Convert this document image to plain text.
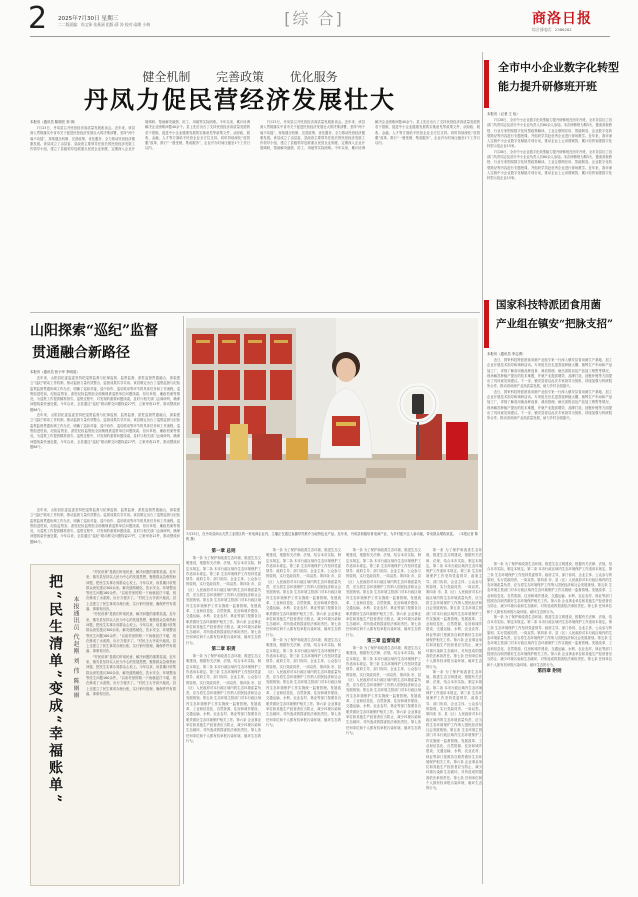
2 2025年7月30日 星期三
二二版面编：尚文锋 张燕丽 组版:薛 涛 校对:高朗 小韩	[综 合]	商洛日报
综合部电话：2386282
健全机制 完善政策 优化服务
丹凤力促民营经济发展壮大
本报讯（通讯员 陈刚亮 刘 琪）

7月23日，丹凤县召开民营经济高质量发展座谈会。近年来，该县深入贯彻落实中省市关于促进民营经济发展壮大的决策部署，坚持“两个毫不动摇”，持续健全机制、完善政策、优化服务，全力推动民营经济健康发展。该县成立了由县委、县政府主要领导任组长的民营经济发展工作领导小组，建立了县级领导包联重点民营企业制度，定期深入企业开展调研，帮助解决融资、用工、用地等实际困难。今年以来，累计协调解决企业困难问题40余个。县上先后出台了支持民营经济高质量发展的若干措施、促进中小企业健康发展的实施意见等政策文件，从财政、税收、金融、人才等方面给予民营企业全方位支持。同时持续深化“放管服”改革，推行“一窗受理、集成服务”，企业开办时间压缩至1个工作日以内。

7月23日，丹凤县召开民营经济高质量发展座谈会。近年来，该县深入贯彻落实中省市关于促进民营经济发展壮大的决策部署，坚持“两个毫不动摇”，持续健全机制、完善政策、优化服务，全力推动民营经济健康发展。该县成立了由县委、县政府主要领导任组长的民营经济发展工作领导小组，建立了县级领导包联重点民营企业制度，定期深入企业开展调研，帮助解决融资、用工、用地等实际困难。今年以来，累计协调解决企业困难问题40余个。县上先后出台了支持民营经济高质量发展的若干措施、促进中小企业健康发展的实施意见等政策文件，从财政、税收、金融、人才等方面给予民营企业全方位支持。同时持续深化“放管服”改革，推行“一窗受理、集成服务”，企业开办时间压缩至1个工作日以内。

全市中小企业数字化转型
能力提升研修班开班
本报讯（记者 王 怡）

7月28日，全市中小企业数字化转型能力提升研修班在西安开班，全市各县区工信部门负责同志及部分中小企业负责人共60余人参加。本次研修班为期5天，邀请高校教授、行业专家围绕数字化转型政策解读、工业互联网应用、智能制造、企业数字化转型路径等内容进行专题授课，并组织学员赴优秀企业进行现场教学。近年来，我市深入实施中小企业数字化赋能专项行动，推动企业上云用数赋智，累计培育省级数字化转型示范企业15家。

7月28日，全市中小企业数字化转型能力提升研修班在西安开班，全市各县区工信部门负责同志及部分中小企业负责人共60余人参加。本次研修班为期5天，邀请高校教授、行业专家围绕数字化转型政策解读、工业互联网应用、智能制造、企业数字化转型路径等内容进行专题授课，并组织学员赴优秀企业进行现场教学。近年来，我市深入实施中小企业数字化赋能专项行动，推动企业上云用数赋智，累计培育省级数字化转型示范企业15家。

山阳探索“巡纪”监督
贯通融合新路径
本报讯（通讯员 张小华 李明清）

近年来，山阳县纪委监委坚持把巡察监督与纪律监督、监察监督、派驻监督贯通融合，探索建立“巡纪”联动工作机制，推动监督力量有效整合、监督成果共享共用。该县制定出台了巡察监督与纪检监察监督贯通协调工作办法，明确了巡前对接、巡中协作、巡后联动等环节的具体任务和工作流程。巡察组进驻前，纪检监察室、派驻纪检监察组全面梳理被巡察单位问题线索、信访举报、廉政档案等情况，为巡察工作提供精准指引。巡察过程中，对发现的重要问题线索，及时与相关部门会商研判，确保问题线索快速处置。今年以来，全县通过“巡纪”联动移交问题线索27件，立案审查12件，推动整改问题86个。

近年来，山阳县纪委监委坚持把巡察监督与纪律监督、监察监督、派驻监督贯通融合，探索建立“巡纪”联动工作机制，推动监督力量有效整合、监督成果共享共用。该县制定出台了巡察监督与纪检监察监督贯通协调工作办法，明确了巡前对接、巡中协作、巡后联动等环节的具体任务和工作流程。巡察组进驻前，纪检监察室、派驻纪检监察组全面梳理被巡察单位问题线索、信访举报、廉政档案等情况，为巡察工作提供精准指引。巡察过程中，对发现的重要问题线索，及时与相关部门会商研判，确保问题线索快速处置。今年以来，全县通过“巡纪”联动移交问题线索27件，立案审查12件，推动整改问题86个。

近年来，山阳县纪委监委坚持把巡察监督与纪律监督、监察监督、派驻监督贯通融合，探索建立“巡纪”联动工作机制，推动监督力量有效整合、监督成果共享共用。该县制定出台了巡察监督与纪检监察监督贯通协调工作办法，明确了巡前对接、巡中协作、巡后联动等环节的具体任务和工作流程。巡察组进驻前，纪检监察室、派驻纪检监察组全面梳理被巡察单位问题线索、信访举报、廉政档案等情况，为巡察工作提供精准指引。巡察过程中，对发现的重要问题线索，及时与相关部门会商研判，确保问题线索快速处置。今年以来，全县通过“巡纪”联动移交问题线索27件，立案审查12件，推动整改问题86个。

7月25日，在丹凤县商山天然工业园区的一家电商企业内，主播正在通过直播带货推介当地特色农产品。近年来，丹凤县积极培育电商产业，为乡村振兴注入新动能，带动群众增收致富。 （本报记者 陈锐 摄）
国家科技特派团食用菌
产业组在镇安“把脉支招”
本报讯（通讯员 李志勇）

近日，国家科技特派团食用菌产业组专家一行深入镇安县食用菌生产基地、加工企业开展技术指导和调研活动。专家组先后走进香菇种植大棚、菌棒生产车间和产品加工厂，详细了解食用菌品种选育、栽培管理、病虫害防治及产品加工销售等情况，现场解答种植户提出的技术难题，并就产业提质增效、品牌打造、延链补链等方面提出了具体意见和建议。下一步，镇安县将以此次专家指导为契机，持续加强与科研院所合作，推动食用菌产业高质量发展，助力乡村全面振兴。

近日，国家科技特派团食用菌产业组专家一行深入镇安县食用菌生产基地、加工企业开展技术指导和调研活动。专家组先后走进香菇种植大棚、菌棒生产车间和产品加工厂，详细了解食用菌品种选育、栽培管理、病虫害防治及产品加工销售等情况，现场解答种植户提出的技术难题，并就产业提质增效、品牌打造、延链补链等方面提出了具体意见和建议。下一步，镇安县将以此次专家指导为契机，持续加强与科研院所合作，推动食用菌产业高质量发展，助力乡村全面振兴。

把“民生清单”变成“幸福账单”	本报通讯员 代赵刚 刘 伟 陈丽丽

“村民说事”是我们听取民意、解决问题的重要渠道。近年来，镇安县坚持以人民为中心的发展思想，聚焦群众急难愁盼问题，把民生实事办到群众心坎上。今年以来，该县累计收集群众意见建议300余条，解决道路硬化、饮水安全、环境整治等民生问题160余件。“以前村里的路一下雨就泥泞不堪，现在修成了水泥路，出行方便多了。”村民王大爷高兴地说。县上还建立了民生事项办理台账，实行销号管理，确保件件有着落、事事有回音。

“村民说事”是我们听取民意、解决问题的重要渠道。近年来，镇安县坚持以人民为中心的发展思想，聚焦群众急难愁盼问题，把民生实事办到群众心坎上。今年以来，该县累计收集群众意见建议300余条，解决道路硬化、饮水安全、环境整治等民生问题160余件。“以前村里的路一下雨就泥泞不堪，现在修成了水泥路，出行方便多了。”村民王大爷高兴地说。县上还建立了民生事项办理台账，实行销号管理，确保件件有着落、事事有回音。

“村民说事”是我们听取民意、解决问题的重要渠道。近年来，镇安县坚持以人民为中心的发展思想，聚焦群众急难愁盼问题，把民生实事办到群众心坎上。今年以来，该县累计收集群众意见建议300余条，解决道路硬化、饮水安全、环境整治等民生问题160余件。“以前村里的路一下雨就泥泞不堪，现在修成了水泥路，出行方便多了。”村民王大爷高兴地说。县上还建立了民生事项办理台账，实行销号管理，确保件件有着落、事事有回音。

第一章 总则

第一条 为了保护和改善生态环境，推进生态文明建设，根据有关法律、法规，结合本市实际，制定本规定。第二条 本市行政区域内生态环境保护工作适用本规定。第三条 生态环境保护工作坚持党委领导、政府主导、部门协同、企业主体、公众参与的原则，实行党政同责、一岗双责。第四条 市、县（区）人民政府对本行政区域内的生态环境质量负责，应当将生态环境保护工作纳入国民经济和社会发展规划。第五条 生态环境主管部门对本行政区域内生态环境保护工作实施统一监督管理。发展改革、工业和信息化、自然资源、住房和城乡建设、交通运输、水利、农业农村、林业等部门按照各自职责做好生态环境保护相关工作。第六条 企业事业单位和其他生产经营者应当防止、减少环境污染和生态破坏，对所造成的损害依法承担责任。第七条 任何单位和个人都有权举报污染环境、破坏生态的行为。

第二章 职责

第一条 为了保护和改善生态环境，推进生态文明建设，根据有关法律、法规，结合本市实际，制定本规定。第二条 本市行政区域内生态环境保护工作适用本规定。第三条 生态环境保护工作坚持党委领导、政府主导、部门协同、企业主体、公众参与的原则，实行党政同责、一岗双责。第四条 市、县（区）人民政府对本行政区域内的生态环境质量负责，应当将生态环境保护工作纳入国民经济和社会发展规划。第五条 生态环境主管部门对本行政区域内生态环境保护工作实施统一监督管理。发展改革、工业和信息化、自然资源、住房和城乡建设、交通运输、水利、农业农村、林业等部门按照各自职责做好生态环境保护相关工作。第六条 企业事业单位和其他生产经营者应当防止、减少环境污染和生态破坏，对所造成的损害依法承担责任。第七条 任何单位和个人都有权举报污染环境、破坏生态的行为。

第一条 为了保护和改善生态环境，推进生态文明建设，根据有关法律、法规，结合本市实际，制定本规定。第二条 本市行政区域内生态环境保护工作适用本规定。第三条 生态环境保护工作坚持党委领导、政府主导、部门协同、企业主体、公众参与的原则，实行党政同责、一岗双责。第四条 市、县（区）人民政府对本行政区域内的生态环境质量负责，应当将生态环境保护工作纳入国民经济和社会发展规划。第五条 生态环境主管部门对本行政区域内生态环境保护工作实施统一监督管理。发展改革、工业和信息化、自然资源、住房和城乡建设、交通运输、水利、农业农村、林业等部门按照各自职责做好生态环境保护相关工作。第六条 企业事业单位和其他生产经营者应当防止、减少环境污染和生态破坏，对所造成的损害依法承担责任。第七条 任何单位和个人都有权举报污染环境、破坏生态的行为。

第一条 为了保护和改善生态环境，推进生态文明建设，根据有关法律、法规，结合本市实际，制定本规定。第二条 本市行政区域内生态环境保护工作适用本规定。第三条 生态环境保护工作坚持党委领导、政府主导、部门协同、企业主体、公众参与的原则，实行党政同责、一岗双责。第四条 市、县（区）人民政府对本行政区域内的生态环境质量负责，应当将生态环境保护工作纳入国民经济和社会发展规划。第五条 生态环境主管部门对本行政区域内生态环境保护工作实施统一监督管理。发展改革、工业和信息化、自然资源、住房和城乡建设、交通运输、水利、农业农村、林业等部门按照各自职责做好生态环境保护相关工作。第六条 企业事业单位和其他生产经营者应当防止、减少环境污染和生态破坏，对所造成的损害依法承担责任。第七条 任何单位和个人都有权举报污染环境、破坏生态的行为。

第一条 为了保护和改善生态环境，推进生态文明建设，根据有关法律、法规，结合本市实际，制定本规定。第二条 本市行政区域内生态环境保护工作适用本规定。第三条 生态环境保护工作坚持党委领导、政府主导、部门协同、企业主体、公众参与的原则，实行党政同责、一岗双责。第四条 市、县（区）人民政府对本行政区域内的生态环境质量负责，应当将生态环境保护工作纳入国民经济和社会发展规划。第五条 生态环境主管部门对本行政区域内生态环境保护工作实施统一监督管理。发展改革、工业和信息化、自然资源、住房和城乡建设、交通运输、水利、农业农村、林业等部门按照各自职责做好生态环境保护相关工作。第六条 企业事业单位和其他生产经营者应当防止、减少环境污染和生态破坏，对所造成的损害依法承担责任。第七条 任何单位和个人都有权举报污染环境、破坏生态的行为。

第三章 监督追责

第一条 为了保护和改善生态环境，推进生态文明建设，根据有关法律、法规，结合本市实际，制定本规定。第二条 本市行政区域内生态环境保护工作适用本规定。第三条 生态环境保护工作坚持党委领导、政府主导、部门协同、企业主体、公众参与的原则，实行党政同责、一岗双责。第四条 市、县（区）人民政府对本行政区域内的生态环境质量负责，应当将生态环境保护工作纳入国民经济和社会发展规划。第五条 生态环境主管部门对本行政区域内生态环境保护工作实施统一监督管理。发展改革、工业和信息化、自然资源、住房和城乡建设、交通运输、水利、农业农村、林业等部门按照各自职责做好生态环境保护相关工作。第六条 企业事业单位和其他生产经营者应当防止、减少环境污染和生态破坏，对所造成的损害依法承担责任。第七条 任何单位和个人都有权举报污染环境、破坏生态的行为。

第一条 为了保护和改善生态环境，推进生态文明建设，根据有关法律、法规，结合本市实际，制定本规定。第二条 本市行政区域内生态环境保护工作适用本规定。第三条 生态环境保护工作坚持党委领导、政府主导、部门协同、企业主体、公众参与的原则，实行党政同责、一岗双责。第四条 市、县（区）人民政府对本行政区域内的生态环境质量负责，应当将生态环境保护工作纳入国民经济和社会发展规划。第五条 生态环境主管部门对本行政区域内生态环境保护工作实施统一监督管理。发展改革、工业和信息化、自然资源、住房和城乡建设、交通运输、水利、农业农村、林业等部门按照各自职责做好生态环境保护相关工作。第六条 企业事业单位和其他生产经营者应当防止、减少环境污染和生态破坏，对所造成的损害依法承担责任。第七条 任何单位和个人都有权举报污染环境、破坏生态的行为。

第一条 为了保护和改善生态环境，推进生态文明建设，根据有关法律、法规，结合本市实际，制定本规定。第二条 本市行政区域内生态环境保护工作适用本规定。第三条 生态环境保护工作坚持党委领导、政府主导、部门协同、企业主体、公众参与的原则，实行党政同责、一岗双责。第四条 市、县（区）人民政府对本行政区域内的生态环境质量负责，应当将生态环境保护工作纳入国民经济和社会发展规划。第五条 生态环境主管部门对本行政区域内生态环境保护工作实施统一监督管理。发展改革、工业和信息化、自然资源、住房和城乡建设、交通运输、水利、农业农村、林业等部门按照各自职责做好生态环境保护相关工作。第六条 企业事业单位和其他生产经营者应当防止、减少环境污染和生态破坏，对所造成的损害依法承担责任。第七条 任何单位和个人都有权举报污染环境、破坏生态的行为。

第一条 为了保护和改善生态环境，推进生态文明建设，根据有关法律、法规，结合本市实际，制定本规定。第二条 本市行政区域内生态环境保护工作适用本规定。第三条 生态环境保护工作坚持党委领导、政府主导、部门协同、企业主体、公众参与的原则，实行党政同责、一岗双责。第四条 市、县（区）人民政府对本行政区域内的生态环境质量负责，应当将生态环境保护工作纳入国民经济和社会发展规划。第五条 生态环境主管部门对本行政区域内生态环境保护工作实施统一监督管理。发展改革、工业和信息化、自然资源、住房和城乡建设、交通运输、水利、农业农村、林业等部门按照各自职责做好生态环境保护相关工作。第六条 企业事业单位和其他生产经营者应当防止、减少环境污染和生态破坏，对所造成的损害依法承担责任。第七条 任何单位和个人都有权举报污染环境、破坏生态的行为。

第一条 为了保护和改善生态环境，推进生态文明建设，根据有关法律、法规，结合本市实际，制定本规定。第二条 本市行政区域内生态环境保护工作适用本规定。第三条 生态环境保护工作坚持党委领导、政府主导、部门协同、企业主体、公众参与的原则，实行党政同责、一岗双责。第四条 市、县（区）人民政府对本行政区域内的生态环境质量负责，应当将生态环境保护工作纳入国民经济和社会发展规划。第五条 生态环境主管部门对本行政区域内生态环境保护工作实施统一监督管理。发展改革、工业和信息化、自然资源、住房和城乡建设、交通运输、水利、农业农村、林业等部门按照各自职责做好生态环境保护相关工作。第六条 企业事业单位和其他生产经营者应当防止、减少环境污染和生态破坏，对所造成的损害依法承担责任。第七条 任何单位和个人都有权举报污染环境、破坏生态的行为。

第四章 附则
